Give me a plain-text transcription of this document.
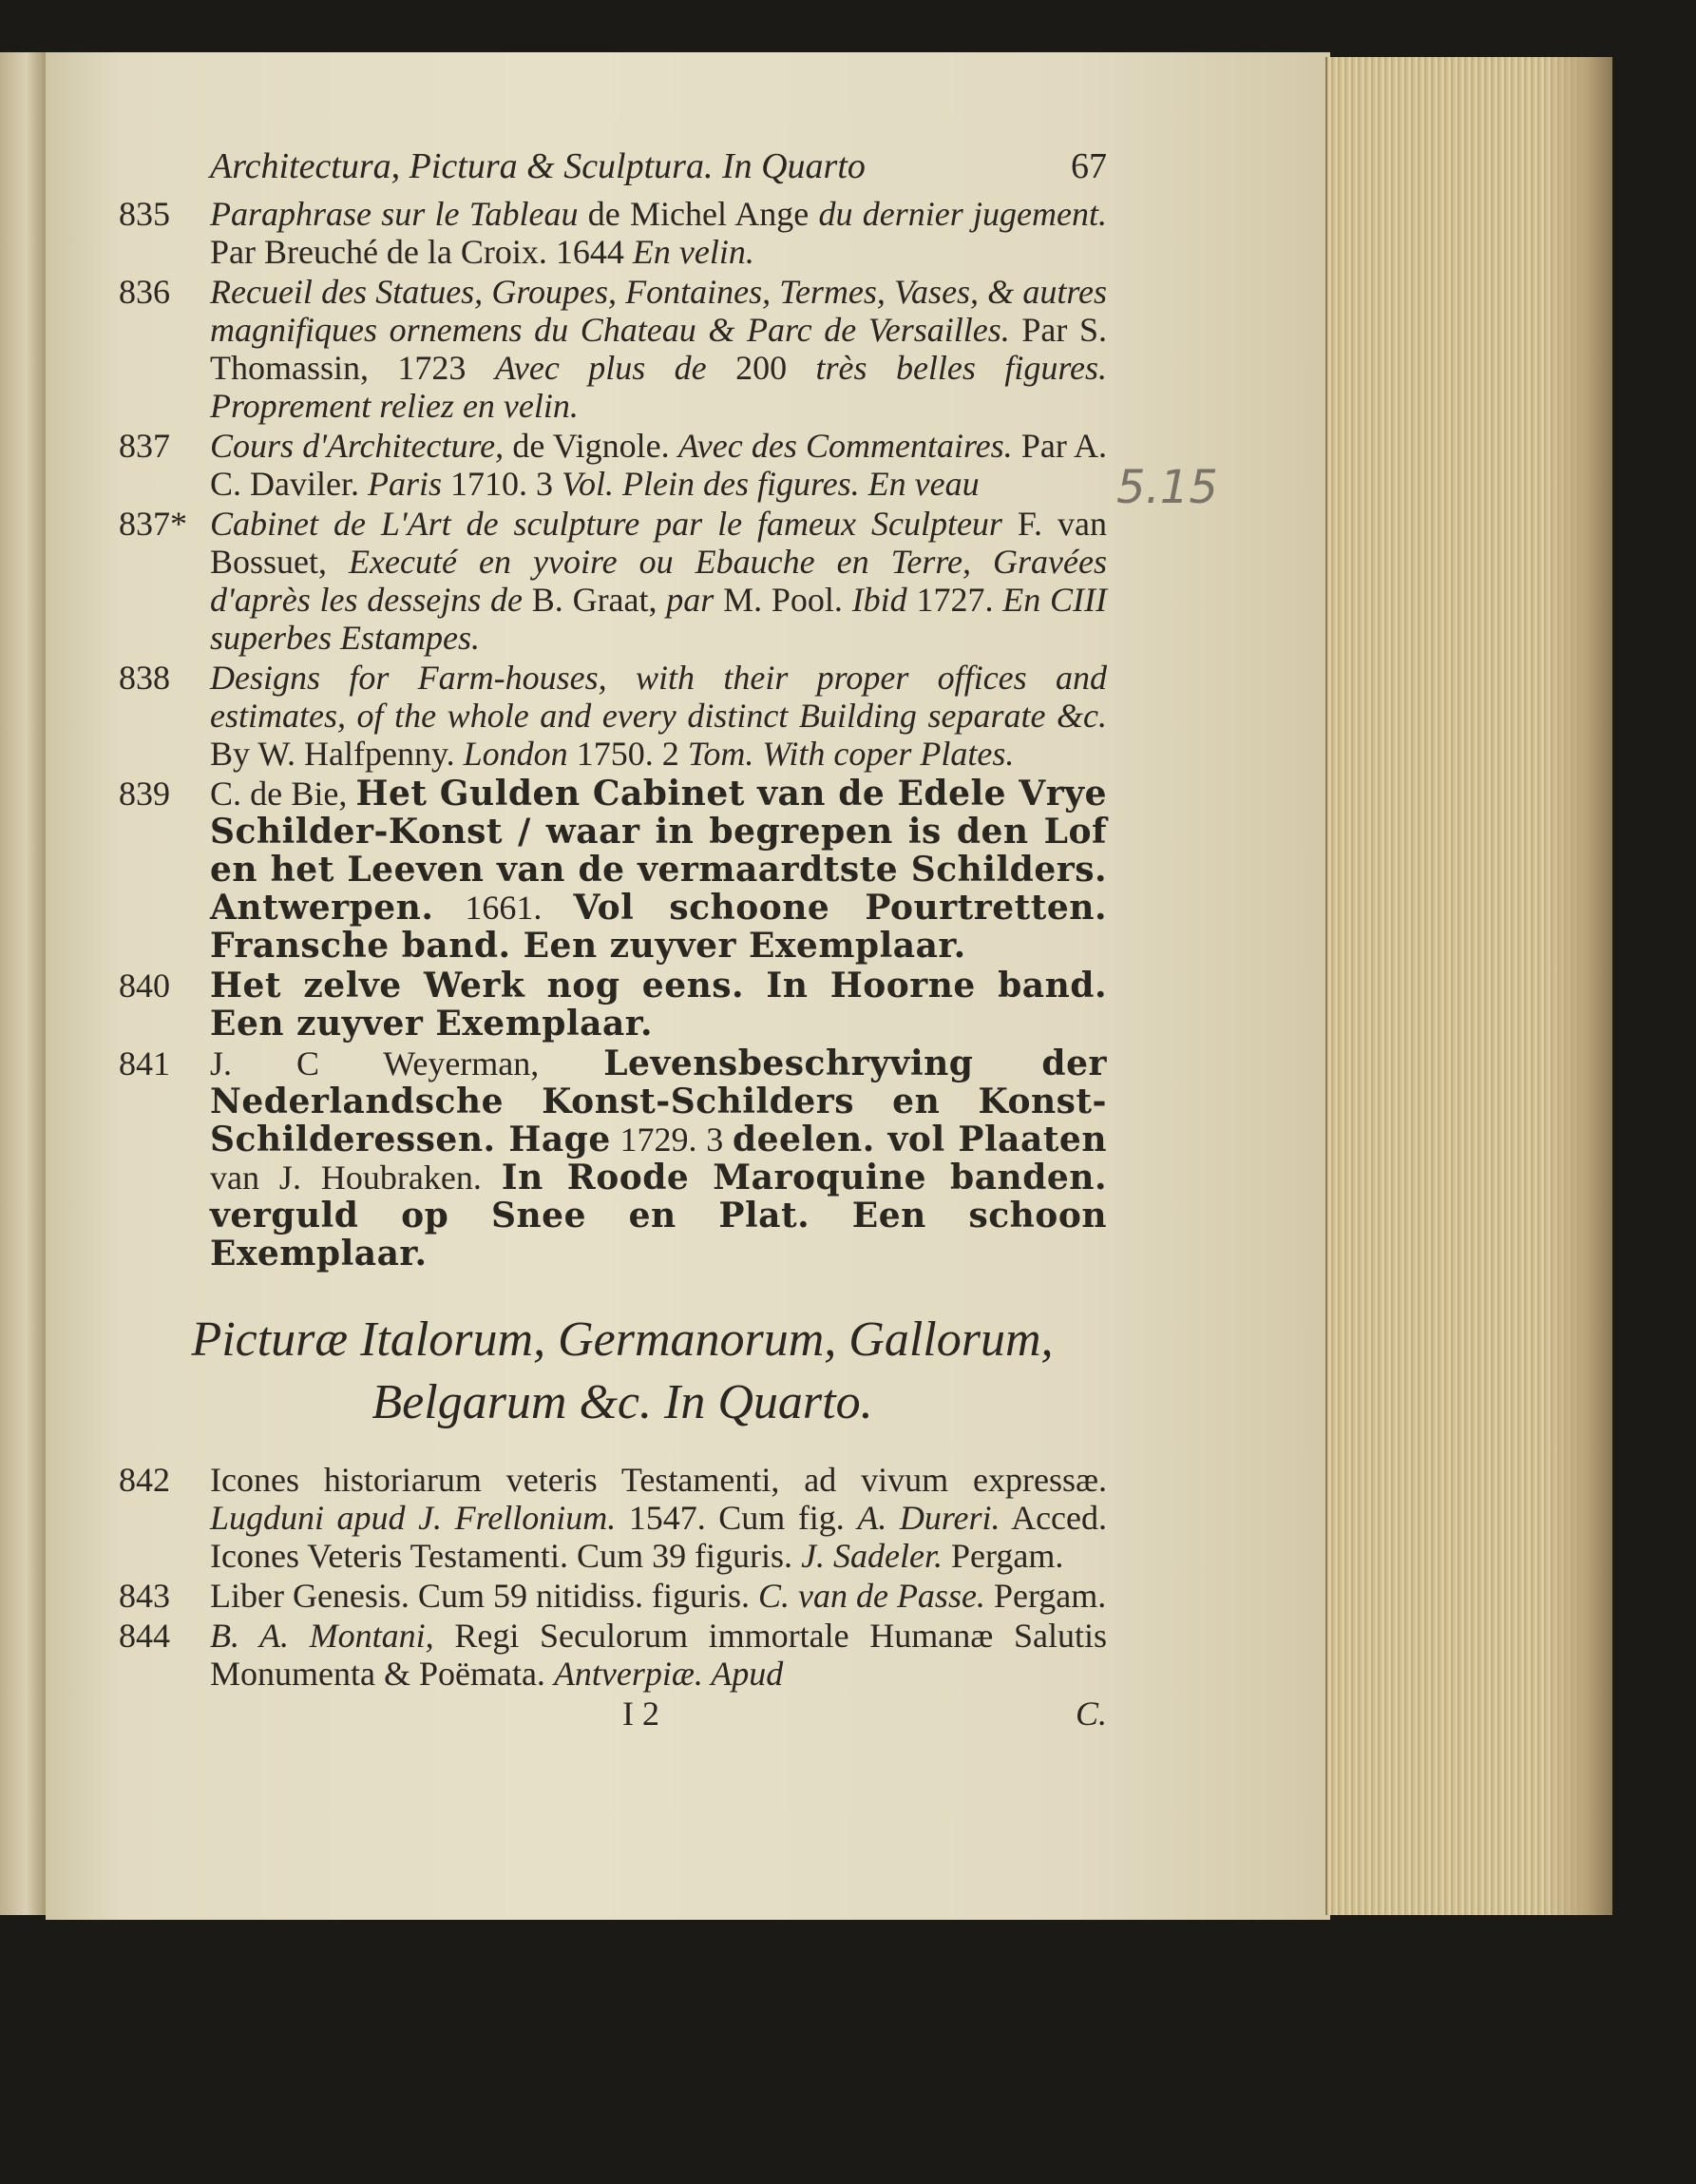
Architectura, Pictura & Sculptura. In Quarto	67
835	Paraphrase sur le Tableau de Michel Ange du dernier jugement. Par Breuché de la Croix. 1644 En velin.
836	Recueil des Statues, Groupes, Fontaines, Termes, Vases, & autres magnifiques ornemens du Chateau & Parc de Versailles. Par S. Thomassin, 1723 Avec plus de 200 très belles figures. Proprement reliez en velin.
837	Cours d'Architecture, de Vignole. Avec des Commentaires. Par A. C. Daviler. Paris 1710. 3 Vol. Plein des figures. En veau
837* Cabinet de L'Art de sculpture par le fameux Sculpteur F. van Bossuet, Executé en yvoire ou Ebauche en Terre, Gravées d'après les dessejns de B. Graat, par M. Pool. Ibid 1727. En CIII superbes Estampes.
838	Designs for Farm-houses, with their proper offices and estimates, of the whole and every distinct Building separate &c. By W. Halfpenny. London 1750. 2 Tom. With coper Plates.
839	C. de Bie, Het Gulden Cabinet van de Edele Vrye Schilder-Konst / waar in begrepen is den Lof en het Leeven van de vermaardtste Schilders. Antwerpen. 1661. Vol schoone Pourtretten. Fransche band. Een zuyver Exemplaar.
840	Het zelve Werk nog eens. In Hoorne band. Een zuyver Exemplaar.
841	J. C Weyerman, Levensbeschryving der Nederlandsche Konst-Schilders en Konst-Schilderessen. Hage 1729. 3 deelen. vol Plaaten van J. Houbraken. In Roode Maroquine banden. verguld op Snee en Plat. Een schoon Exemplaar.
Picturæ Italorum, Germanorum, Gallorum,
Belgarum &c. In Quarto.
842	Icones historiarum veteris Testamenti, ad vivum expressæ. Lugduni apud J. Frellonium. 1547. Cum fig. A. Dureri. Acced. Icones Veteris Testamenti. Cum 39 figuris. J. Sadeler. Pergam.
843	Liber Genesis. Cum 59 nitidiss. figuris. C. van de Passe. Pergam.
844	B. A. Montani, Regi Seculorum immortale Humanæ Salutis Monumenta & Poëmata. Antverpiæ. Apud
I 2	C.
5.15
